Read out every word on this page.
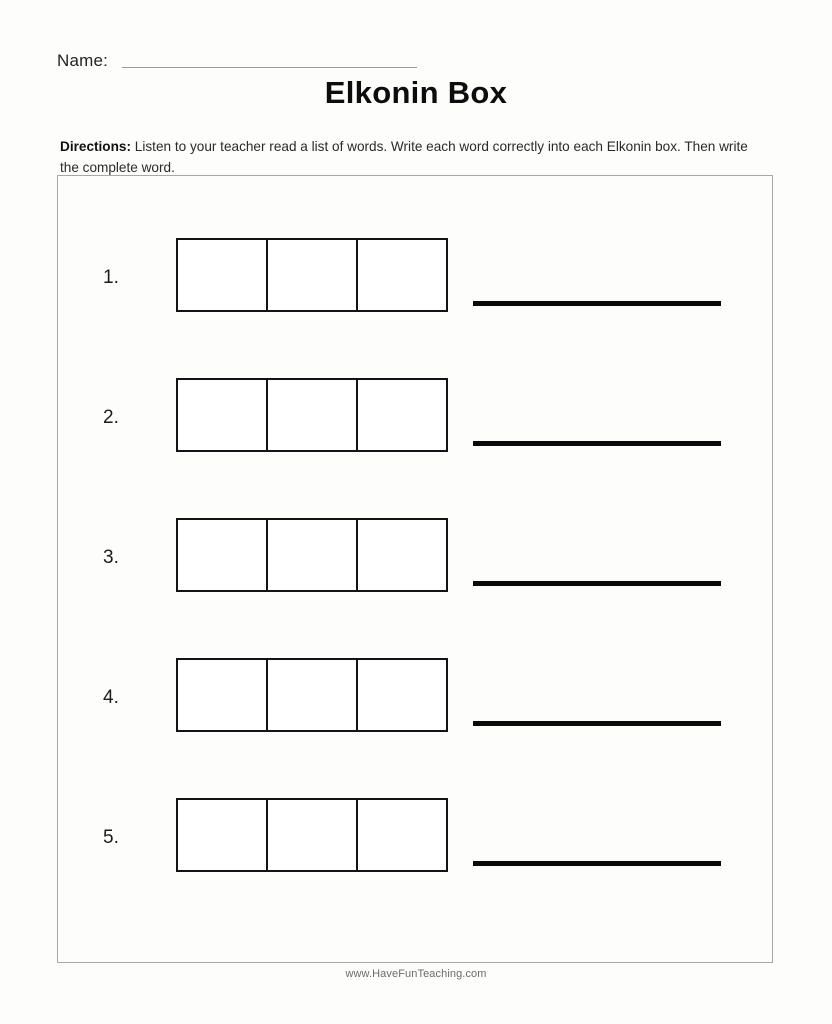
Name:
Elkonin Box
Directions: Listen to your teacher read a list of words. Write each word correctly into each Elkonin box. Then write the complete word.
1.
2.
3.
4.
5.
www.HaveFunTeaching.com
